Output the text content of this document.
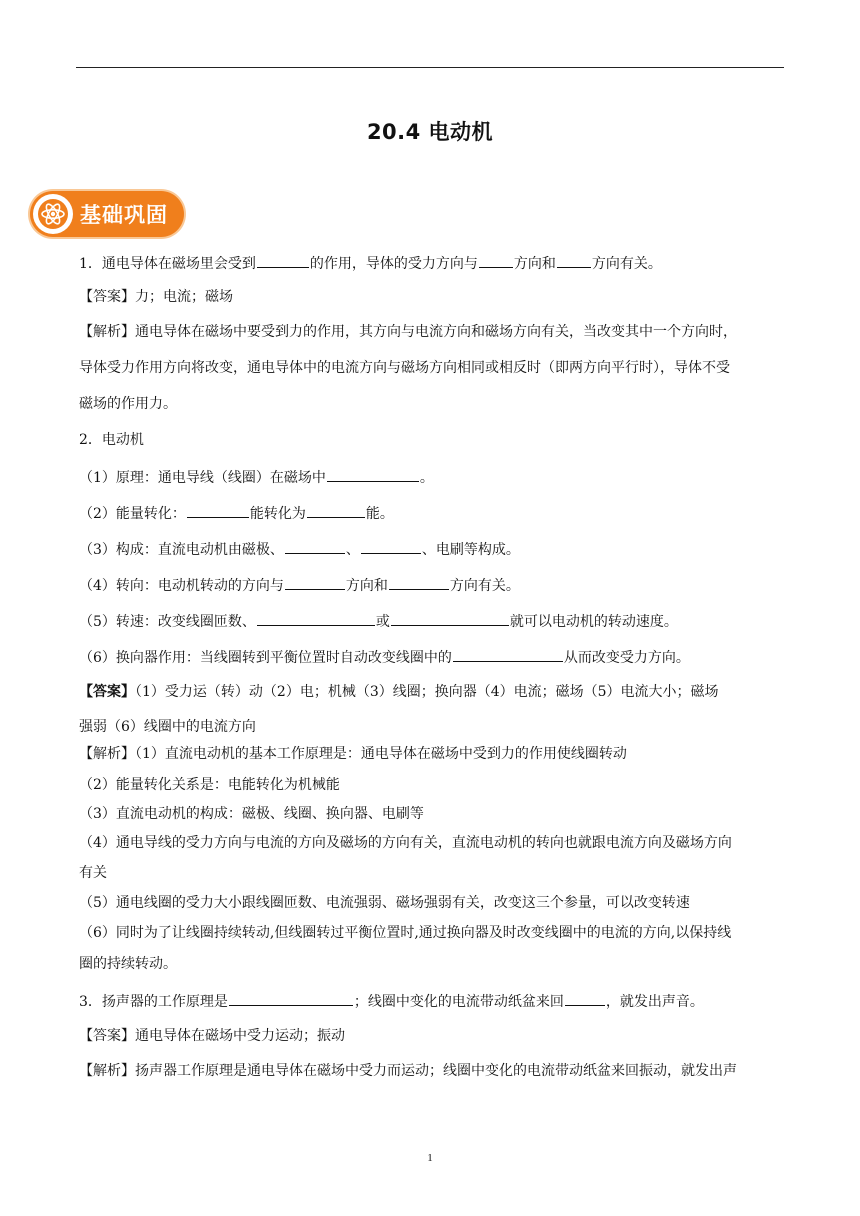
20.4 电动机
基础巩固
1．通电导体在磁场里会受到	的作用，导体的受力方向与	方向和	方向有关。
【答案】力；电流；磁场
【解析】通电导体在磁场中要受到力的作用，其方向与电流方向和磁场方向有关，当改变其中一个方向时，
导体受力作用方向将改变，通电导体中的电流方向与磁场方向相同或相反时（即两方向平行时），导体不受
磁场的作用力。
2．电动机
（1）原理：通电导线（线圈）在磁场中	。
（2）能量转化：	能转化为	能。
（3）构成：直流电动机由磁极、	、	、电刷等构成。
（4）转向：电动机转动的方向与	方向和	方向有关。
（5）转速：改变线圈匝数、	或	就可以电动机的转动速度。
（6）换向器作用：当线圈转到平衡位置时自动改变线圈中的	从而改变受力方向。
【答案】（1）受力运（转）动（2）电；机械（3）线圈；换向器（4）电流；磁场（5）电流大小；磁场
强弱（6）线圈中的电流方向
【解析】（1）直流电动机的基本工作原理是：通电导体在磁场中受到力的作用使线圈转动
（2）能量转化关系是：电能转化为机械能
（3）直流电动机的构成：磁极、线圈、换向器、电刷等
（4）通电导线的受力方向与电流的方向及磁场的方向有关，直流电动机的转向也就跟电流方向及磁场方向
有关
（5）通电线圈的受力大小跟线圈匝数、电流强弱、磁场强弱有关，改变这三个参量，可以改变转速
（6）同时为了让线圈持续转动,但线圈转过平衡位置时,通过换向器及时改变线圈中的电流的方向,以保持线
圈的持续转动。
3．扬声器的工作原理是	；线圈中变化的电流带动纸盆来回	，就发出声音。
【答案】通电导体在磁场中受力运动；振动
【解析】扬声器工作原理是通电导体在磁场中受力而运动；线圈中变化的电流带动纸盆来回振动，就发出声
1
